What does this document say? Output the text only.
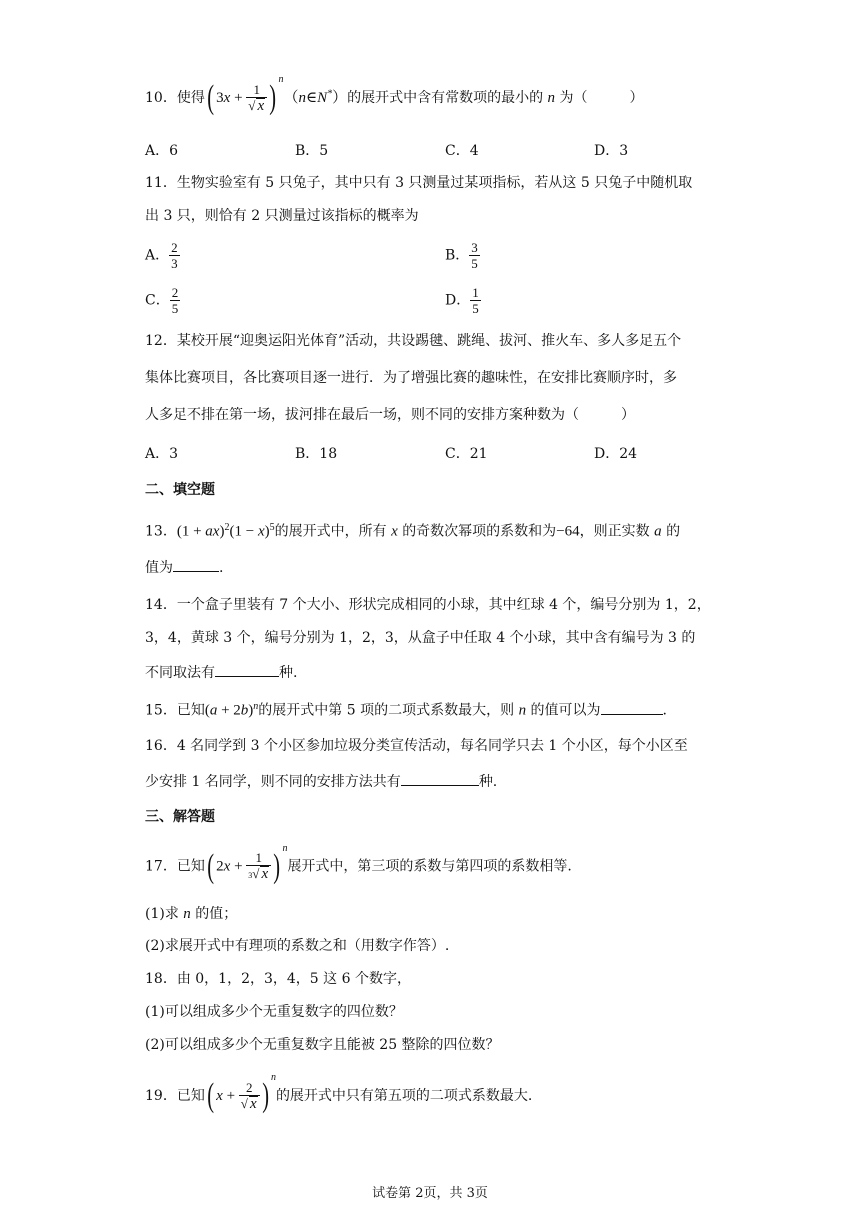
10．使得( $3x + \frac{1}{√ x}$ ) $^n$（n∈N*）的展开式中含有常数项的最小的 n 为（　　　）
A．6	B．5	C．4	D．3
11．生物实验室有 5 只兔子，其中只有 3 只测量过某项指标，若从这 5 只兔子中随机取
出 3 只，则恰有 2 只测量过该指标的概率为
A． $\frac{2}{3}$	B． $\frac{3}{5}$
C． $\frac{2}{5}$	D． $\frac{1}{5}$
12．某校开展“迎奥运阳光体育”活动，共设踢毽、跳绳、拔河、推火车、多人多足五个
集体比赛项目，各比赛项目逐一进行．为了增强比赛的趣味性，在安排比赛顺序时，多
人多足不排在第一场，拔河排在最后一场，则不同的安排方案种数为（　　　）
A．3	B．18	C．21	D．24
二、填空题
13．$(1 + ax)^2(1 - x)^5$的展开式中，所有 x 的奇数次幂项的系数和为−64，则正实数 a 的
值为	.
14．一个盒子里装有 7 个大小、形状完成相同的小球，其中红球 4 个，编号分别为 1，2，
3，4，黄球 3 个，编号分别为 1，2，3，从盒子中任取 4 个小球，其中含有编号为 3 的
不同取法有	种.
15．已知$(a + 2b)^n$的展开式中第 5 项的二项式系数最大，则 n 的值可以为	.
16．4 名同学到 3 个小区参加垃圾分类宣传活动，每名同学只去 1 个小区，每个小区至
少安排 1 名同学，则不同的安排方法共有	种.
三、解答题
17．已知( $2x + \frac{1}{3√ x}$ ) $^n$展开式中，第三项的系数与第四项的系数相等.
(1)求 n 的值；
(2)求展开式中有理项的系数之和（用数字作答）.
18．由 0，1，2，3，4，5 这 6 个数字，
(1)可以组成多少个无重复数字的四位数？
(2)可以组成多少个无重复数字且能被 25 整除的四位数？
19．已知( $x + \frac{2}{√ x}$ ) $^n$的展开式中只有第五项的二项式系数最大.
试卷第 2页，共 3页
